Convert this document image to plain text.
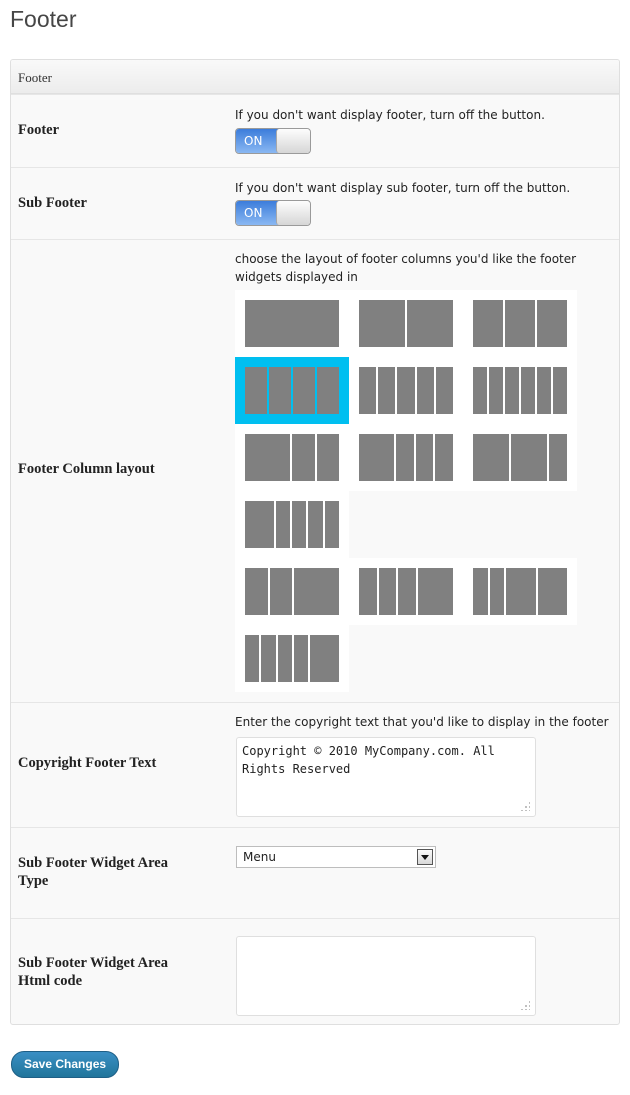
Footer
Footer
Footer
If you don't want display footer, turn off the button.
ON
Sub Footer
If you don't want display sub footer, turn off the button.
ON
Footer Column layout
choose the layout of footer columns you'd like the footer
widgets displayed in
Copyright Footer Text
Enter the copyright text that you'd like to display in the footer
Copyright © 2010 MyCompany.com. All
Rights Reserved
Sub Footer Widget Area
Type
Menu
Sub Footer Widget Area
Html code
Save Changes
